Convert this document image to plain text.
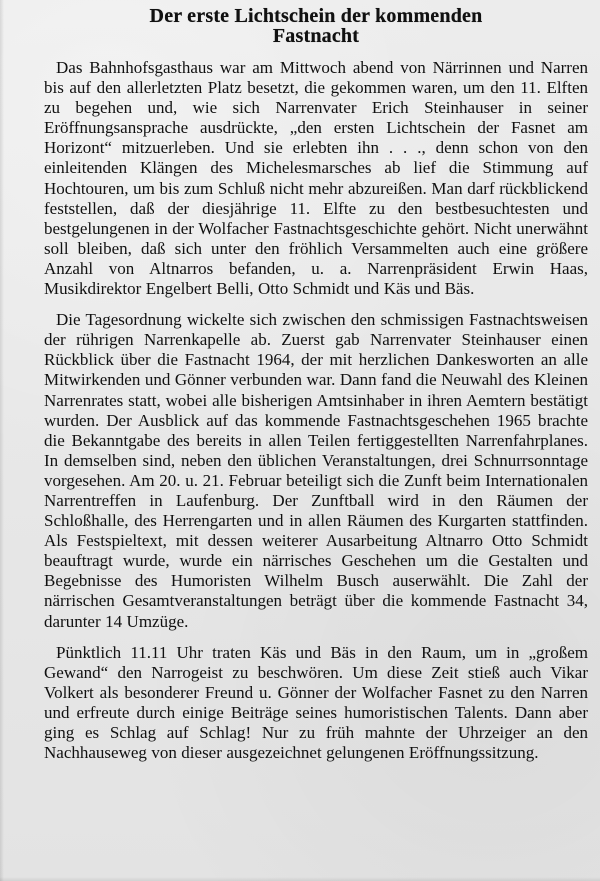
Der erste Lichtschein der kommenden
Fastnacht

Das Bahnhofsgasthaus war am Mittwoch abend von Närrinnen und Narren bis auf den allerletzten Platz besetzt, die gekommen waren, um den 11. Elften zu begehen und, wie sich Narrenvater Erich Steinhauser in seiner Eröffnungsansprache ausdrückte, „den ersten Lichtschein der Fasnet am Horizont“ mitzuerleben. Und sie erlebten ihn . . ., denn schon von den einleitenden Klängen des Michelesmarsches ab lief die Stimmung auf Hochtouren, um bis zum Schluß nicht mehr abzureißen. Man darf rückblickend feststellen, daß der diesjährige 11. Elfte zu den bestbesuchtesten und bestgelungenen in der Wolfacher Fastnachtsgeschichte gehört. Nicht unerwähnt soll bleiben, daß sich unter den fröhlich Versammelten auch eine größere Anzahl von Altnarros befanden, u. a. Narrenpräsident Erwin Haas, Musikdirektor Engelbert Belli, Otto Schmidt und Käs und Bäs.

Die Tagesordnung wickelte sich zwischen den schmissigen Fastnachtsweisen der rührigen Narrenkapelle ab. Zuerst gab Narrenvater Steinhauser einen Rückblick über die Fastnacht 1964, der mit herzlichen Dankesworten an alle Mitwirkenden und Gönner verbunden war. Dann fand die Neuwahl des Kleinen Narrenrates statt, wobei alle bisherigen Amtsinhaber in ihren Aemtern bestätigt wurden. Der Ausblick auf das kommende Fastnachtsgeschehen 1965 brachte die Bekanntgabe des bereits in allen Teilen fertiggestellten Narrenfahrplanes. In demselben sind, neben den üblichen Veranstaltungen, drei Schnurrsonntage vorgesehen. Am 20. u. 21. Februar beteiligt sich die Zunft beim Internationalen Narrentreffen in Laufenburg. Der Zunftball wird in den Räumen der Schloßhalle, des Herrengarten und in allen Räumen des Kurgarten stattfinden. Als Festspieltext, mit dessen weiterer Ausarbeitung Altnarro Otto Schmidt beauftragt wurde, wurde ein närrisches Geschehen um die Gestalten und Begebnisse des Humoristen Wilhelm Busch auserwählt. Die Zahl der närrischen Gesamtveranstaltungen beträgt über die kommende Fastnacht 34, darunter 14 Umzüge.

Pünktlich 11.11 Uhr traten Käs und Bäs in den Raum, um in „großem Gewand“ den Narrogeist zu beschwören. Um diese Zeit stieß auch Vikar Volkert als besonderer Freund u. Gönner der Wolfacher Fasnet zu den Narren und erfreute durch einige Beiträge seines humoristischen Talents. Dann aber ging es Schlag auf Schlag! Nur zu früh mahnte der Uhrzeiger an den Nachhauseweg von dieser ausgezeichnet gelungenen Eröffnungssitzung.
